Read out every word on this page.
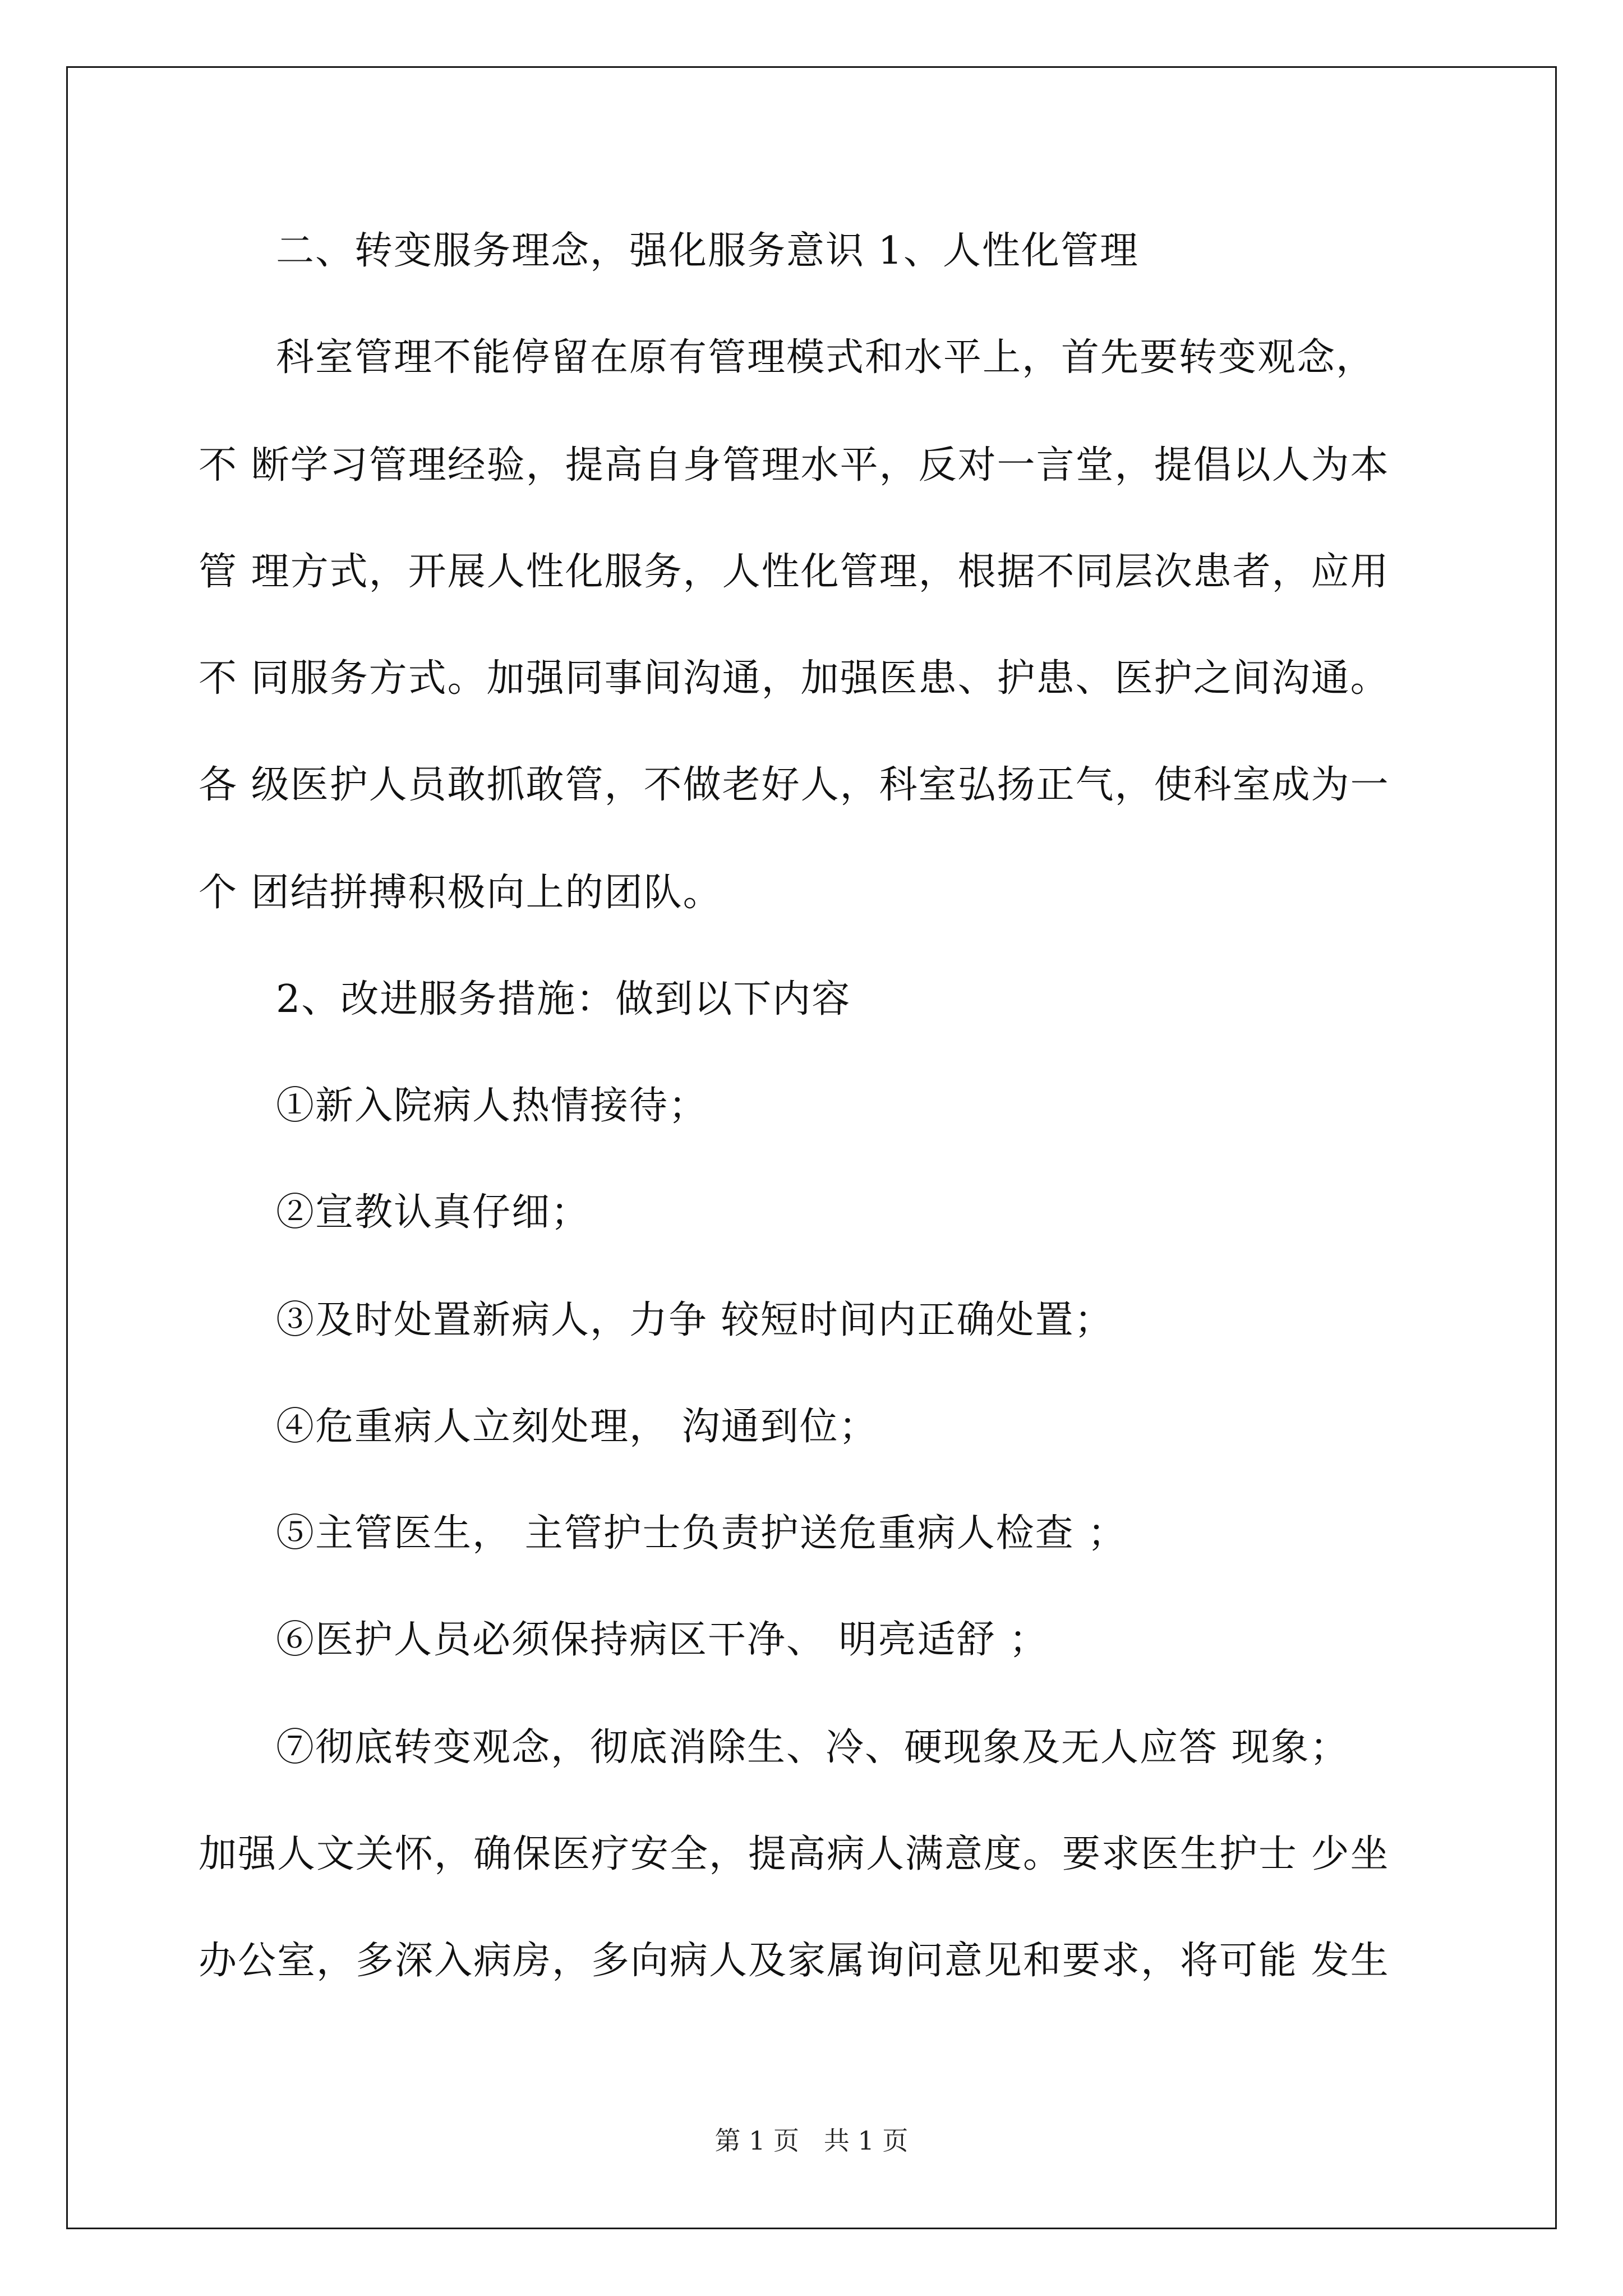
二、转变服务理念，强化服务意识 1、人性化管理
科室管理不能停留在原有管理模式和水平上，首先要转变观念，
不 断学习管理经验，提高自身管理水平，反对一言堂，提倡以人为本
管 理方式，开展人性化服务，人性化管理，根据不同层次患者，应用
不 同服务方式。加强同事间沟通，加强医患、护患、医护之间沟通。
各 级医护人员敢抓敢管，不做老好人，科室弘扬正气，使科室成为一
个 团结拼搏积极向上的团队。
2、改进服务措施：做到以下内容
①新入院病人热情接待；
②宣教认真仔细；
③及时处置新病人，力争 较短时间内正确处置；
④危重病人立刻处理， 沟通到位；
⑤主管医生， 主管护士负责护送危重病人检查 ；
⑥医护人员必须保持病区干净、 明亮适舒 ；
⑦彻底转变观念，彻底消除生、冷、硬现象及无人应答 现象；
加强人文关怀，确保医疗安全，提高病人满意度。要求医生护士 少坐
办公室，多深入病房，多向病人及家属询问意见和要求，将可能 发生
第 1 页   共 1 页
